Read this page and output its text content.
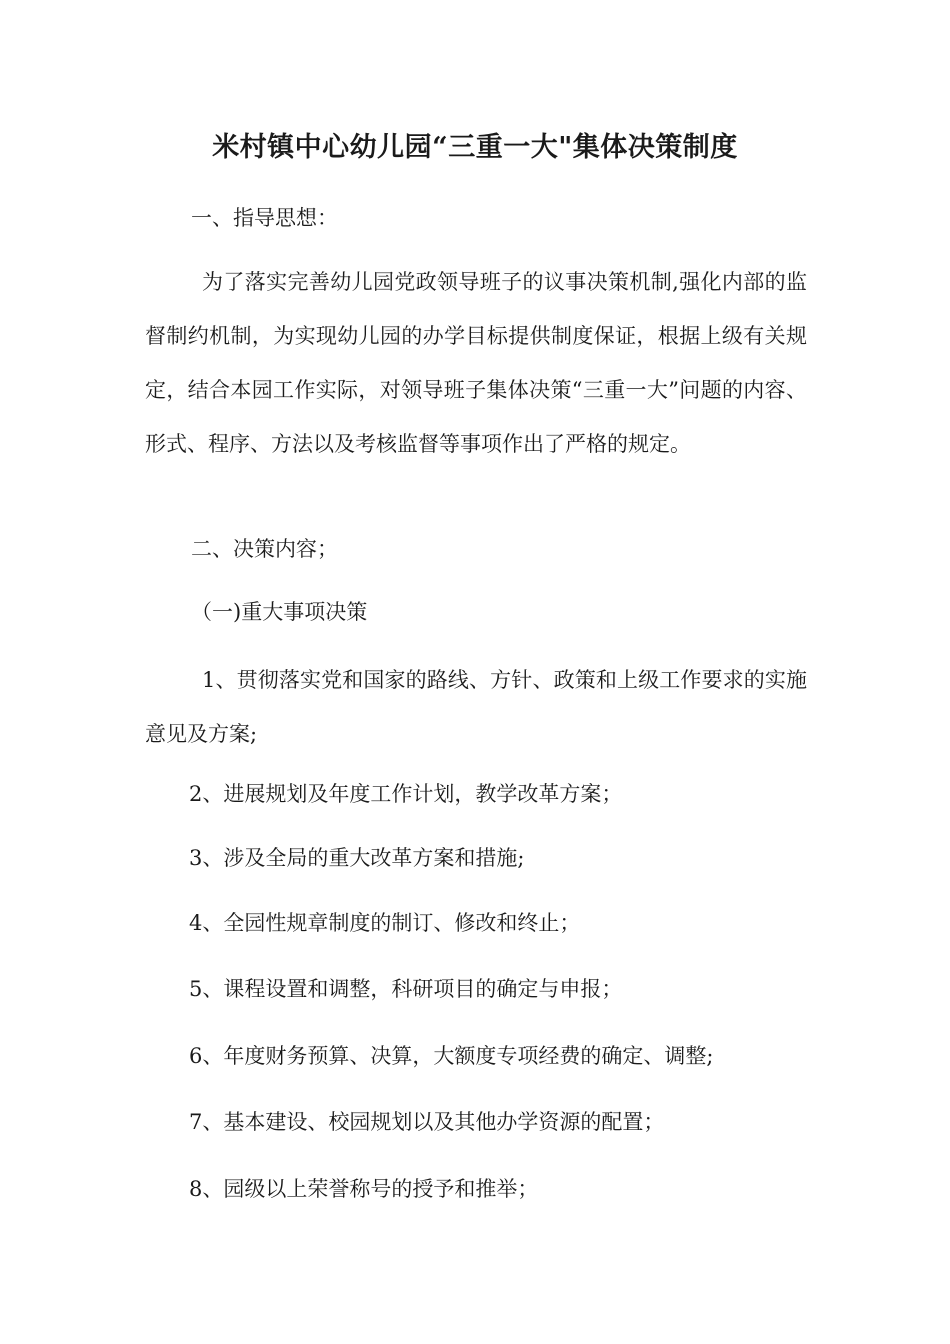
米村镇中心幼儿园“三重一大"集体决策制度
一、指导思想：
为了落实完善幼儿园党政领导班子的议事决策机制,强化内部的监督制约机制，为实现幼儿园的办学目标提供制度保证，根据上级有关规定，结合本园工作实际，对领导班子集体决策“三重一大”问题的内容、形式、程序、方法以及考核监督等事项作出了严格的规定。
二、决策内容；
（一)重大事项决策
1、贯彻落实党和国家的路线、方针、政策和上级工作要求的实施意见及方案;
2、进展规划及年度工作计划，教学改革方案；
3、涉及全局的重大改革方案和措施;
4、全园性规章制度的制订、修改和终止；
5、课程设置和调整，科研项目的确定与申报；
6、年度财务预算、决算，大额度专项经费的确定、调整;
7、基本建设、校园规划以及其他办学资源的配置；
8、园级以上荣誉称号的授予和推举；
